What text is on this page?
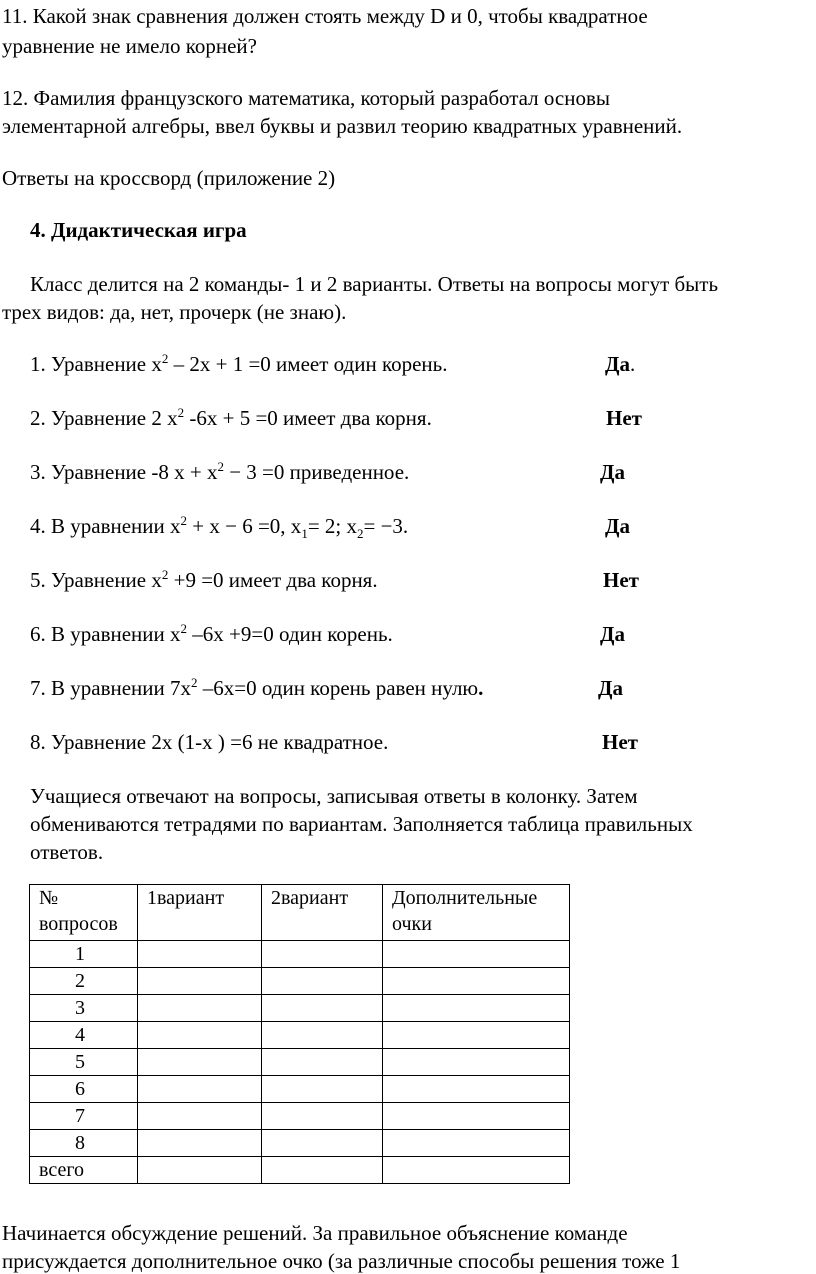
11. Какой знак сравнения должен стоять между D и 0, чтобы квадратное
уравнение не имело корней?
12. Фамилия французского математика, который разработал основы
элементарной алгебры, ввел буквы и развил теорию квадратных уравнений.
Ответы на кроссворд (приложение 2)
4. Дидактическая игра
Класс делится на 2 команды- 1 и 2 варианты. Ответы на вопросы могут быть
трех видов: да, нет, прочерк (не знаю).
1. Уравнение $x^2 - 2x + 1 =0$ имеет один корень.	Да.
2. Уравнение 2 $x^2$ -6x + 5 =0 имеет два корня.	Нет
3. Уравнение -8 $x + x^2 - 3 =0$ приведенное.	Да
4. В уравнении $x^2 + x - 6 =0$, $x_1= 2$; $x_2= -3$.	Да
5. Уравнение $x^2 +9 =0$ имеет два корня.	Нет
6. В уравнении $x^2$ –6x +9=0 один корень.	Да
7. В уравнении $7x^2$ –6x=0 один корень равен нулю.	Да
8. Уравнение 2x (1-x ) =6 не квадратное.	Нет
Учащиеся отвечают на вопросы, записывая ответы в колонку. Затем
обмениваются тетрадями по вариантам. Заполняется таблица правильных
ответов.
№
вопросов	1вариант	2вариант	Дополнительные
очки
1			
2			
3			
4			
5			
6			
7			
8			
всего			
Начинается обсуждение решений. За правильное объяснение команде
присуждается дополнительное очко (за различные способы решения тоже 1
